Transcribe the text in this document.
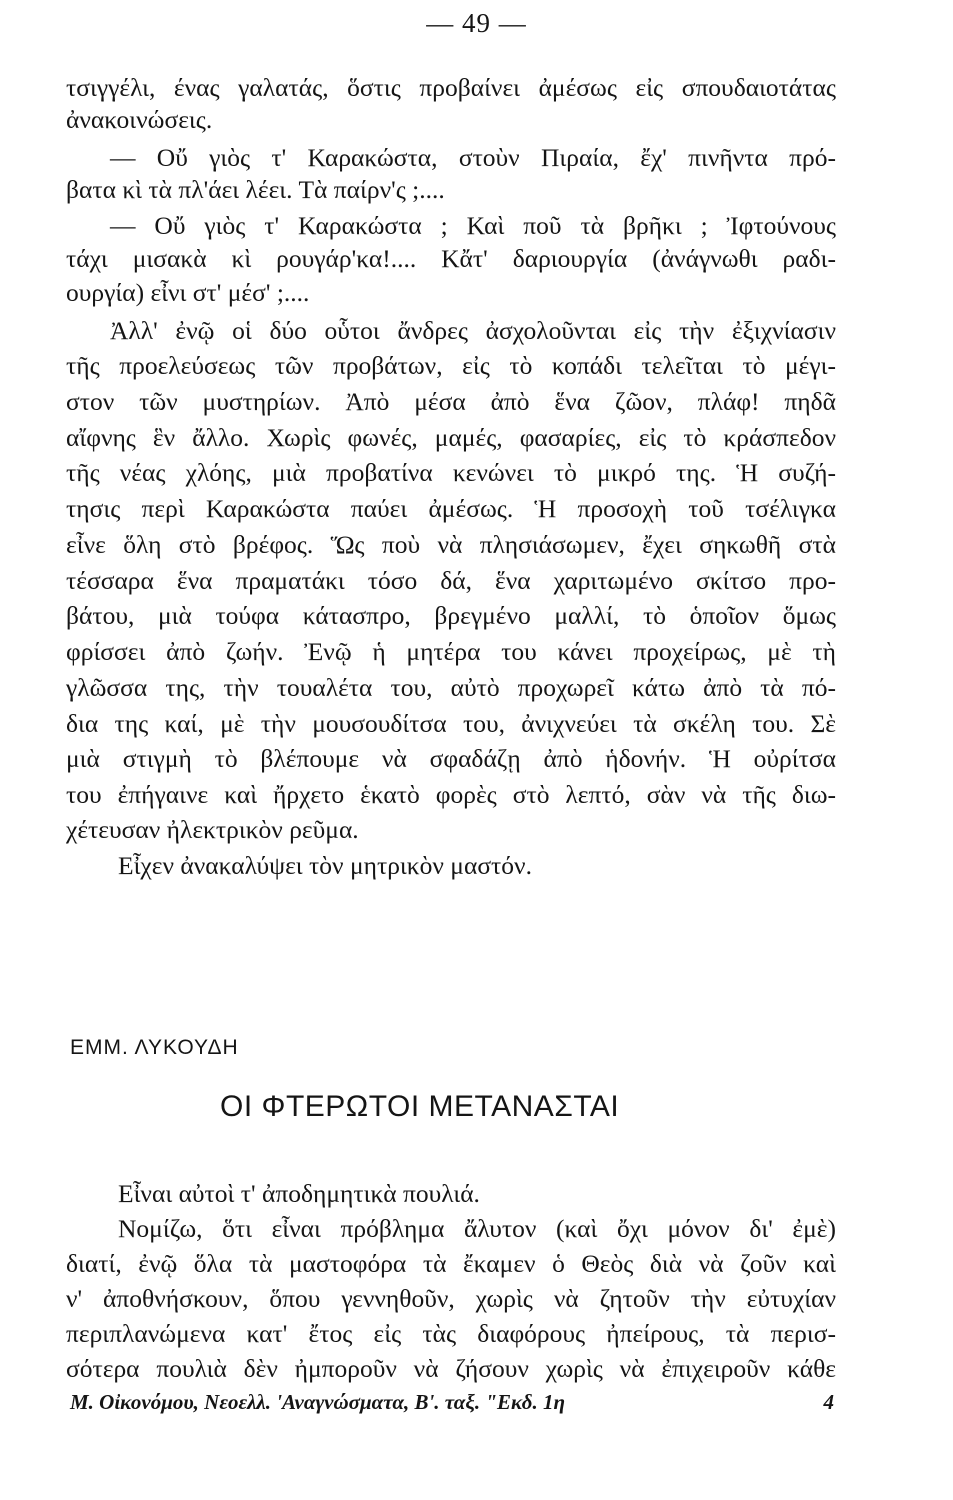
— 49 —
τσιγγέλι, ένας γαλατάς, ὅστις προβαίνει ἀμέσως εἰς σπουδαιοτάτας
ἀνακοινώσεις.
— Οὔ γιὸς τ' Καρακώστα, στοὺν Πιραία, ἔχ' πινῆντα πρό-
βατα κὶ τὰ πλ'άει λέει. Τὰ παίρν'ς ;....
— Οὔ γιὸς τ' Καρακώστα ; Καὶ ποῦ τὰ βρῆκι ; Ἰφτούνους
τάχι μισακὰ κὶ ρουγάρ'κα!.... Κἄτ' δαριουργία (ἀνάγνωθι ραδι-
ουργία) εἶνι στ' μέσ' ;....
Ἀλλ' ἐνῷ οἱ δύο οὗτοι ἄνδρες ἀσχολοῦνται εἰς τὴν ἐξιχνίασιν
τῆς προελεύσεως τῶν προβάτων, εἰς τὸ κοπάδι τελεῖται τὸ μέγι-
στον τῶν μυστηρίων. Ἀπὸ μέσα ἀπὸ ἕνα ζῶον, πλάφ! πηδᾶ
αἴφνης ἓν ἄλλο. Χωρὶς φωνές, μαμές, φασαρίες, εἰς τὸ κράσπεδον
τῆς νέας χλόης, μιὰ προβατίνα κενώνει τὸ μικρό της. Ἡ συζή-
τησις περὶ Καρακώστα παύει ἀμέσως. Ἡ προσοχὴ τοῦ τσέλιγκα
εἶνε ὅλη στὸ βρέφος. Ὥς ποὺ νὰ πλησιάσωμεν, ἔχει σηκωθῆ στὰ
τέσσαρα ἕνα πραματάκι τόσο δά, ἕνα χαριτωμένο σκίτσο προ-
βάτου, μιὰ τούφα κάτασπρο, βρεγμένο μαλλί, τὸ ὁποῖον ὅμως
φρίσσει ἀπὸ ζωήν. Ἐνῷ ἡ μητέρα του κάνει προχείρως, μὲ τὴ
γλῶσσα της, τὴν τουαλέτα του, αὐτὸ προχωρεῖ κάτω ἀπὸ τὰ πό-
δια της καί, μὲ τὴν μουσουδίτσα του, ἀνιχνεύει τὰ σκέλη του. Σὲ
μιὰ στιγμὴ τὸ βλέπουμε νὰ σφαδάζῃ ἀπὸ ἡδονήν. Ἡ οὐρίτσα
του ἐπήγαινε καὶ ἤρχετο ἑκατὸ φορὲς στὸ λεπτό, σὰν νὰ τῆς διω-
χέτευσαν ἠλεκτρικὸν ρεῦμα.
Εἶχεν ἀνακαλύψει τὸν μητρικὸν μαστόν.
ΕΜΜ. ΛΥΚΟΥΔΗ
ΟΙ ΦΤΕΡΩΤΟΙ ΜΕΤΑΝΑΣΤΑΙ
Εἶναι αὐτοὶ τ' ἀποδημητικὰ πουλιά.
Νομίζω, ὅτι εἶναι πρόβλημα ἄλυτον (καὶ ὄχι μόνον δι' ἐμὲ)
διατί, ἐνῷ ὅλα τὰ μαστοφόρα τὰ ἔκαμεν ὁ Θεὸς διὰ νὰ ζοῦν καὶ
ν' ἀποθνήσκουν, ὅπου γεννηθοῦν, χωρὶς νὰ ζητοῦν τὴν εὐτυχίαν
περιπλανώμενα κατ' ἔτος εἰς τὰς διαφόρους ἠπείρους, τὰ περισ-
σότερα πουλιὰ δὲν ἠμποροῦν νὰ ζήσουν χωρὶς νὰ ἐπιχειροῦν κάθε
Μ. Οἰκονόμου, Νεοελλ. 'Αναγνώσματα, Β'. ταξ. "Εκδ. 1η	4
